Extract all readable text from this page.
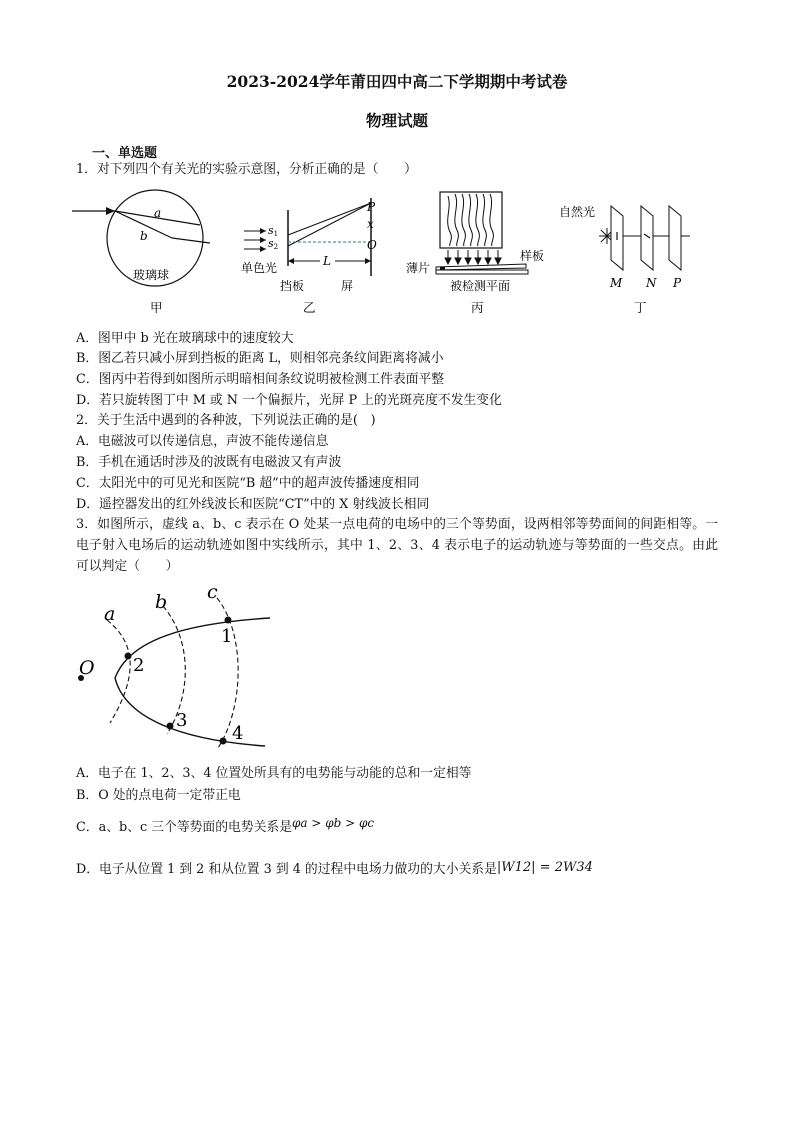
2023-2024学年莆田四中高二下学期期中考试卷
物理试题
一、单选题
1．对下列四个有关光的实验示意图，分析正确的是（　　）
a
b
玻璃球
甲
s1
s2
P
x
O
L
单色光
挡板	屏
乙
薄片
样板
被检测平面
丙
自然光
M N P
丁
A．图甲中 b 光在玻璃球中的速度较大
B．图乙若只减小屏到挡板的距离 L，则相邻亮条纹间距离将减小
C．图丙中若得到如图所示明暗相间条纹说明被检测工件表面平整
D．若只旋转图丁中 M 或 N 一个偏振片，光屏 P 上的光斑亮度不发生变化
2．关于生活中遇到的各种波，下列说法正确的是(　)
A．电磁波可以传递信息，声波不能传递信息
B．手机在通话时涉及的波既有电磁波又有声波
C．太阳光中的可见光和医院“B 超”中的超声波传播速度相同
D．遥控器发出的红外线波长和医院“CT”中的 X 射线波长相同
3．如图所示，虚线 a、b、c 表示在 O 处某一点电荷的电场中的三个等势面，设两相邻等势面间的间距相等。一电子射入电场后的运动轨迹如图中实线所示，其中 1、2、3、4 表示电子的运动轨迹与等势面的一些交点。由此可以判定（　　）
a
b c
O
1
2
3
4
A．电子在 1、2、3、4 位置处所具有的电势能与动能的总和一定相等
B．O 处的点电荷一定带正电
C．a、b、c 三个等势面的电势关系是φa > φb > φc
D．电子从位置 1 到 2 和从位置 3 到 4 的过程中电场力做功的大小关系是|W12| = 2W34
